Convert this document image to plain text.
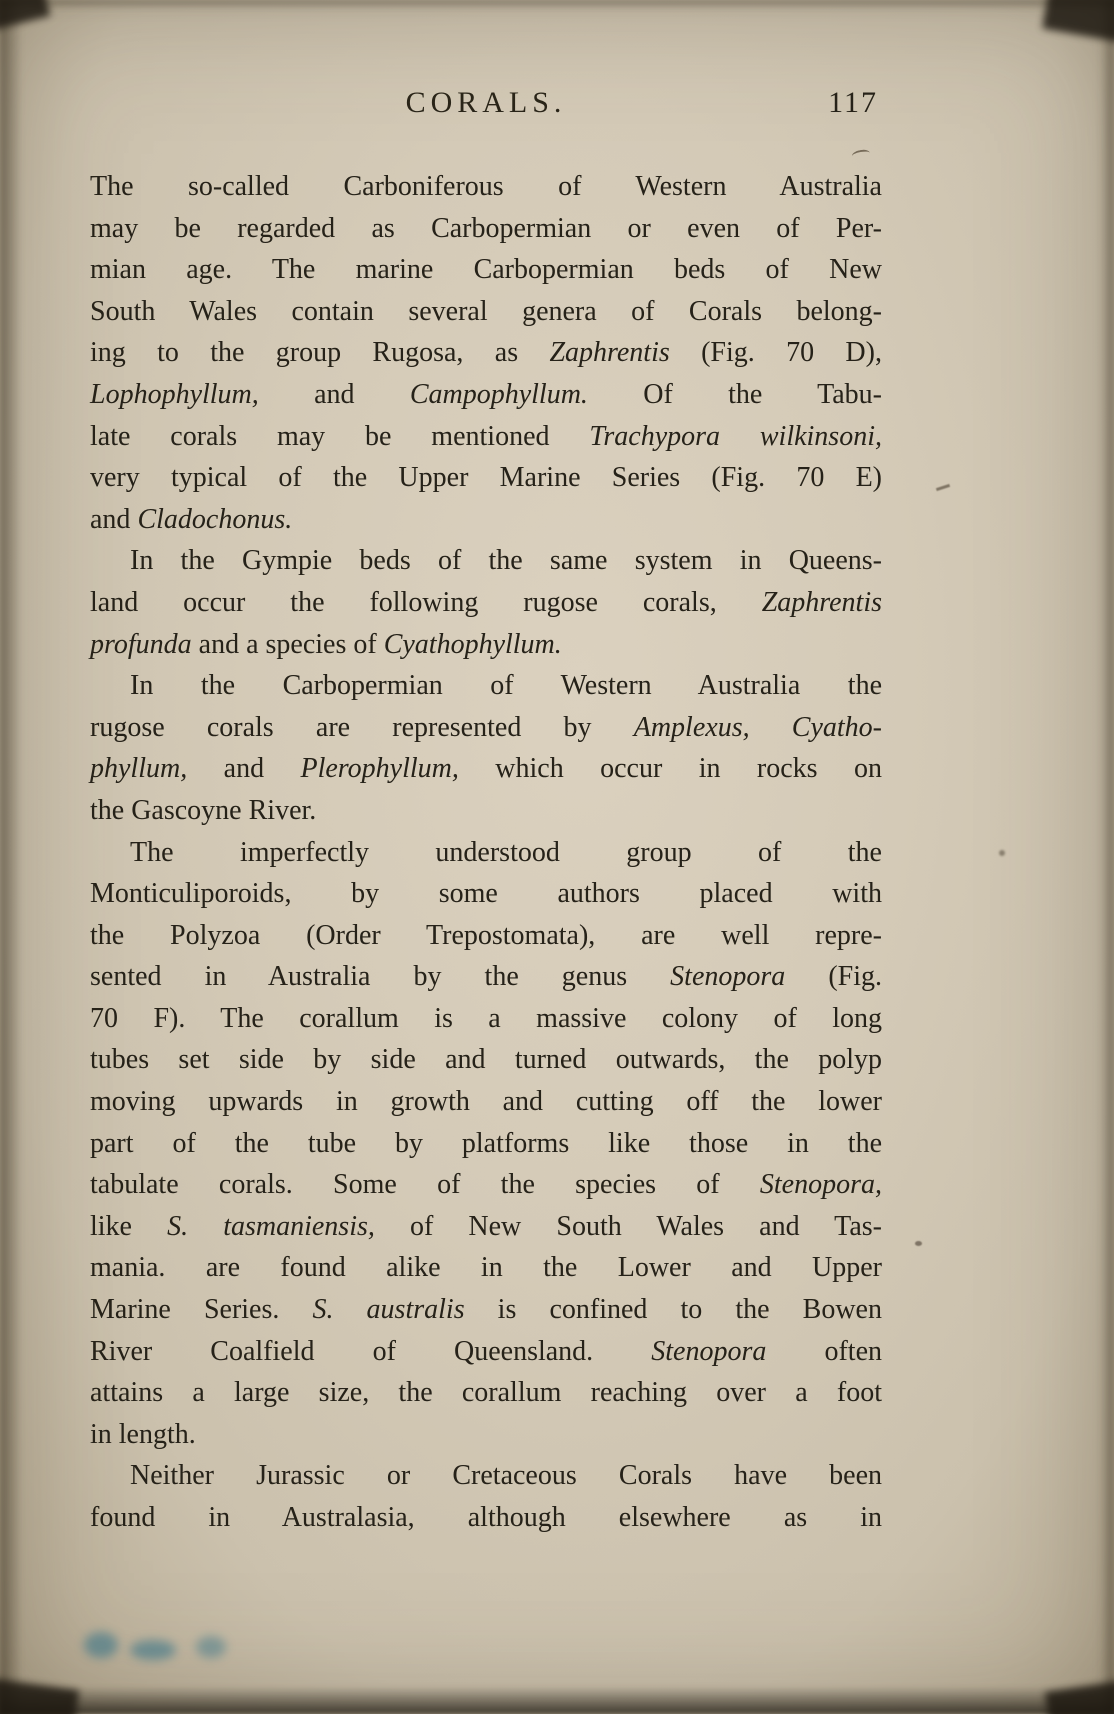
CORALS.	117
The so-called Carboniferous of Western Australia
may be regarded as Carbopermian or even of Per-
mian age. The marine Carbopermian beds of New
South Wales contain several genera of Corals belong-
ing to the group Rugosa, as Zaphrentis (Fig. 70 D),
Lophophyllum, and Campophyllum. Of the Tabu-
late corals may be mentioned Trachypora wilkinsoni,
very typical of the Upper Marine Series (Fig. 70 E)
and Cladochonus.
In the Gympie beds of the same system in Queens-
land occur the following rugose corals, Zaphrentis
profunda and a species of Cyathophyllum.
In the Carbopermian of Western Australia the
rugose corals are represented by Amplexus, Cyatho-
phyllum, and Plerophyllum, which occur in rocks on
the Gascoyne River.
The imperfectly understood group of the
Monticuliporoids, by some authors placed with
the Polyzoa (Order Trepostomata), are well repre-
sented in Australia by the genus Stenopora (Fig.
70 F). The corallum is a massive colony of long
tubes set side by side and turned outwards, the polyp
moving upwards in growth and cutting off the lower
part of the tube by platforms like those in the
tabulate corals. Some of the species of Stenopora,
like S. tasmaniensis, of New South Wales and Tas-
mania. are found alike in the Lower and Upper
Marine Series. S. australis is confined to the Bowen
River Coalfield of Queensland. Stenopora often
attains a large size, the corallum reaching over a foot
in length.
Neither Jurassic or Cretaceous Corals have been
found in Australasia, although elsewhere as in
